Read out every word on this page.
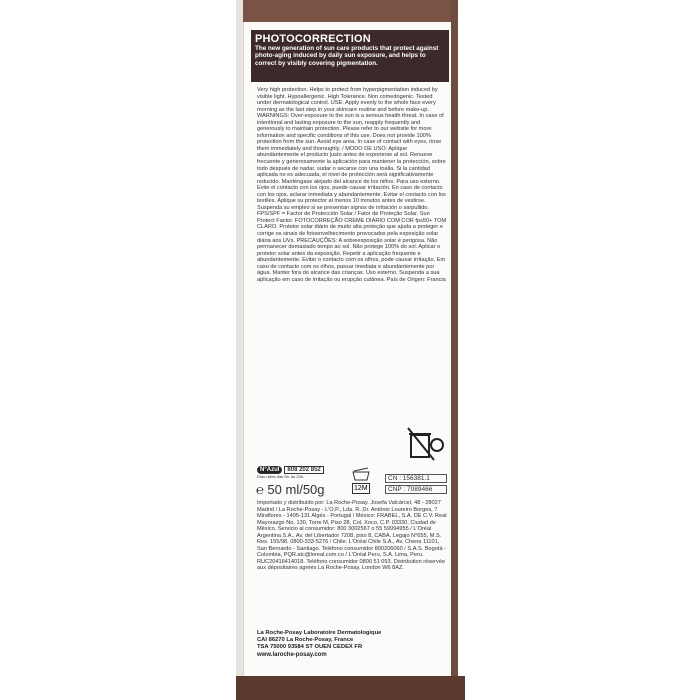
PHOTOCORRECTION
The new generation of sun care products that protect against photo-aging induced by daily sun exposure, and helps to correct by visibly covering pigmentation.
Very high protection. Helps to protect from hyperpigmentation induced by visible light. Hypoallergenic. High Tolerance. Non comedogenic. Tested under dermatological control. USE: Apply evenly to the whole face every morning as the last step in your skincare routine and before make-up. WARNINGS: Over-exposure to the sun is a serious health threat. In case of intentional and lasting exposure to the sun, reapply frequently and generously to maintain protection. Please refer to our website for more information and specific conditions of this use. Does not provide 100% protection from the sun. Avoid eye area. In case of contact with eyes, rinse them immediately and thoroughly. / MODO DE USO: Aplique abundantemente el producto justo antes de exponerse al sol. Renueve frecuente y generosamente la aplicación para mantener la protección, sobre todo después de nadar, sudar o secarse con una toalla. Si la cantidad aplicada no es adecuada, el nivel de protección será significativamente reducido. Manténgase alejado del alcance de los niños. Para uso externo. Evite el contacto con los ojos, puede causar irritación. En caso de contacto con los ojos, aclarar inmediata y abundantemente. Evitar el contacto con los textiles. Aplique su protector al menos 10 minutos antes de vestirse. Suspenda su empleo si se presentan signos de irritación o sarpullido. FPS/SPF = Factor de Protección Solar / Fator de Proteção Solar. Sun Protect Factor. FOTOCORREÇÃO CREME DIÁRIO COM COR fps50+ TOM CLARO. Protetor solar diário de muito alta proteção que ajuda a proteger e corrige os sinais de fotoenvelhecimento provocados pela exposição solar diária aos UVs. PRECAUÇÕES: A sobreexposição solar é perigosa. Não permanecer demasiado tempo ao sol. Não protege 100% do sol. Aplicar o protetor solar antes da exposição. Repetir a aplicação frequente e abundantemente. Evitar o contacto com os olhos, pode causar irritação. Em caso de contacto com os olhos, passar imediata e abundantemente por água. Manter fora do alcance das crianças. Uso externo. Suspenda a sua aplicação em caso de irritação ou erupção cutânea. País de Origen: Francia
N°Azul 808 202 852
Días útiles das 9h. às 20h.
℮ 50 ml/50g	12M
CN : 156381.1
CNP : 7089466
Importado y distribuido por: La Roche-Posay. Josefa Valcárcel, 48 - 28027 Madrid / La Roche-Posay - L'O.P., Lda. R. Dr. António Loureiro Borges, 7 Miraflores - 1495-131 Algés - Portugal / México: FRABEL, S.A. DE C.V. Real Mayorazgo No. 130, Torre M, Piso 28, Col. Xoco, C.P. 03330, Ciudad de México. Servicio al consumidor: 800 3002567 o 55 59994955 / L'Oréal Argentina S.A., Av. del Libertador 7208, piso 8, CABA. Legajo N°655, M.S. Res. 155/98, 0800-333-5276 / Chile: L'Oréal Chile S.A., Av. Chena 11101, San Bernardo - Santiago. Teléfono consumidor 800206060 / S.A.S. Bogotá - Colombia, PQR.atc@loreal.com.co / L'Oréal Peru, S.A. Lima, Peru. RUC20416414018. Teléfono consumidor 0800 51 093. Distribution réservée aux dépositaires agréés La Roche-Posay. London W6 8AZ.
La Roche-Posay Laboratoire Dermatologique
CAI 86270 La Roche-Posay, France
TSA 75000 93584 ST OUEN CEDEX FR
www.laroche-posay.com
